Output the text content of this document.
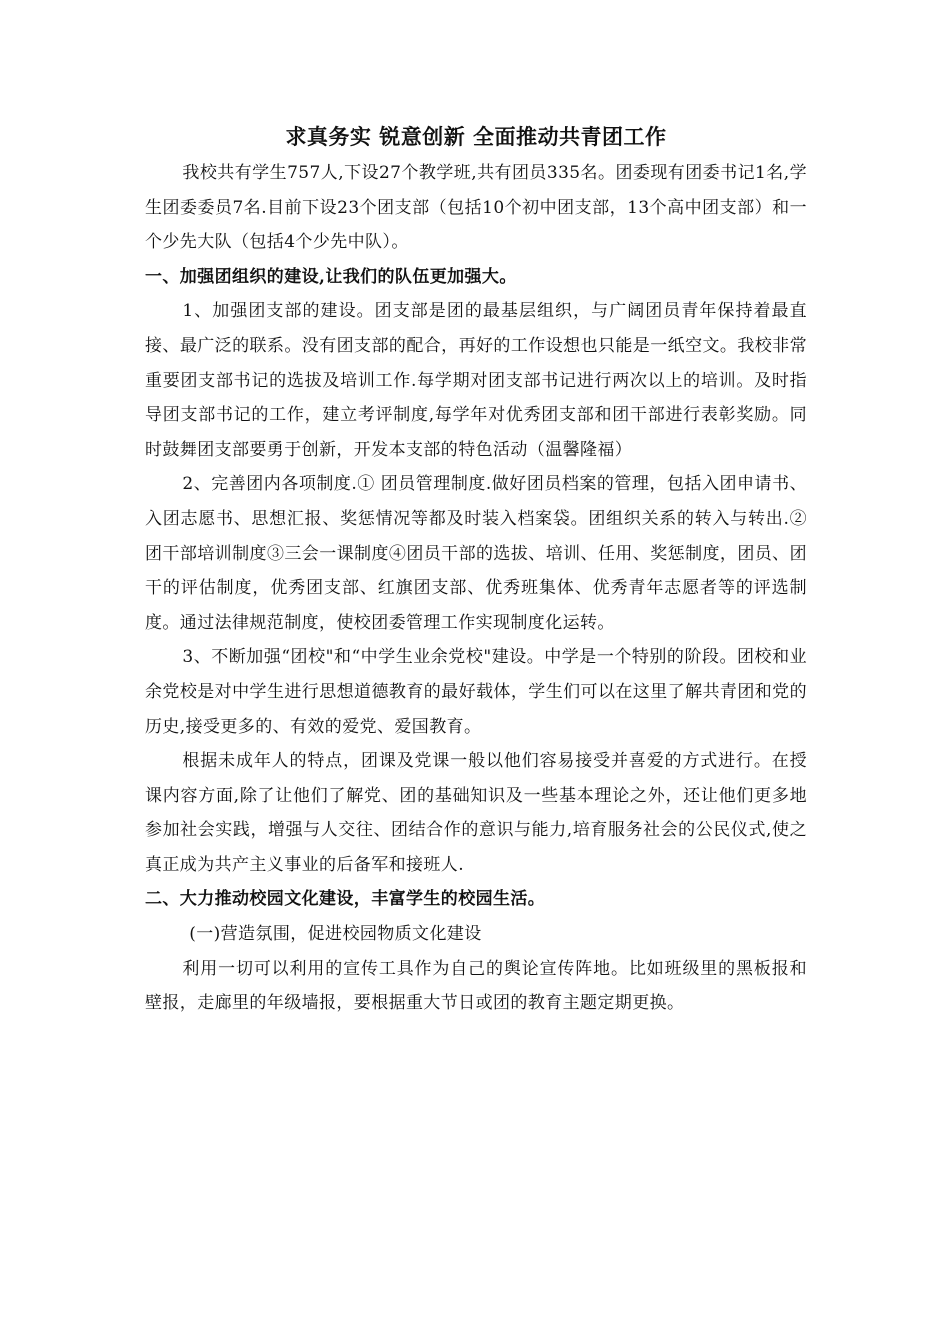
求真务实 锐意创新 全面推动共青团工作

我校共有学生757人,下设27个教学班,共有团员335名。团委现有团委书记1名,学生团委委员7名.目前下设23个团支部（包括10个初中团支部，13个高中团支部）和一个少先大队（包括4个少先中队）。

一、加强团组织的建设,让我们的队伍更加强大。

1、加强团支部的建设。团支部是团的最基层组织，与广阔团员青年保持着最直接、最广泛的联系。没有团支部的配合，再好的工作设想也只能是一纸空文。我校非常重要团支部书记的选拔及培训工作.每学期对团支部书记进行两次以上的培训。及时指导团支部书记的工作，建立考评制度,每学年对优秀团支部和团干部进行表彰奖励。同时鼓舞团支部要勇于创新，开发本支部的特色活动（温馨隆福）

2、完善团内各项制度.① 团员管理制度.做好团员档案的管理，包括入团申请书、入团志愿书、思想汇报、奖惩情况等都及时装入档案袋。团组织关系的转入与转出.② 团干部培训制度③三会一课制度④团员干部的选拔、培训、任用、奖惩制度，团员、团干的评估制度，优秀团支部、红旗团支部、优秀班集体、优秀青年志愿者等的评选制度。通过法律规范制度，使校团委管理工作实现制度化运转。

3、不断加强“团校"和“中学生业余党校"建设。中学是一个特别的阶段。团校和业余党校是对中学生进行思想道德教育的最好载体，学生们可以在这里了解共青团和党的历史,接受更多的、有效的爱党、爱国教育。

根据未成年人的特点，团课及党课一般以他们容易接受并喜爱的方式进行。在授课内容方面,除了让他们了解党、团的基础知识及一些基本理论之外，还让他们更多地参加社会实践，增强与人交往、团结合作的意识与能力,培育服务社会的公民仪式,使之真正成为共产主义事业的后备军和接班人.

二、大力推动校园文化建设，丰富学生的校园生活。

(一)营造氛围，促进校园物质文化建设

利用一切可以利用的宣传工具作为自己的舆论宣传阵地。比如班级里的黑板报和壁报，走廊里的年级墙报，要根据重大节日或团的教育主题定期更换。
